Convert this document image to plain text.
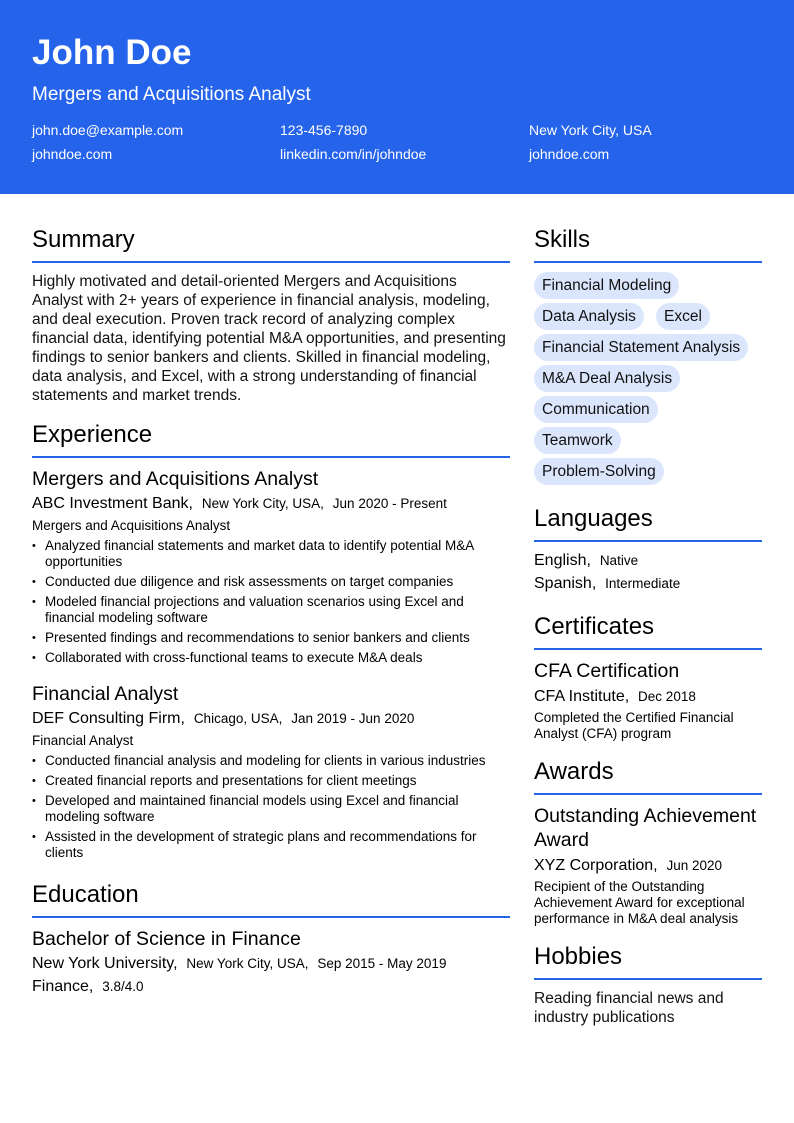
John Doe
Mergers and Acquisitions Analyst
john.doe@example.com	123-456-7890	New York City, USA
johndoe.com	linkedin.com/in/johndoe	johndoe.com
Summary
Highly motivated and detail-oriented Mergers and Acquisitions Analyst with 2+ years of experience in financial analysis, modeling, and deal execution. Proven track record of analyzing complex financial data, identifying potential M&A opportunities, and presenting findings to senior bankers and clients. Skilled in financial modeling, data analysis, and Excel, with a strong understanding of financial statements and market trends.
Experience
Mergers and Acquisitions Analyst
ABC Investment Bank, New York City, USA, Jun 2020 - Present
Mergers and Acquisitions Analyst
• Analyzed financial statements and market data to identify potential M&A opportunities
• Conducted due diligence and risk assessments on target companies
• Modeled financial projections and valuation scenarios using Excel and financial modeling software
• Presented findings and recommendations to senior bankers and clients
• Collaborated with cross-functional teams to execute M&A deals
Financial Analyst
DEF Consulting Firm, Chicago, USA, Jan 2019 - Jun 2020
Financial Analyst
• Conducted financial analysis and modeling for clients in various industries
• Created financial reports and presentations for client meetings
• Developed and maintained financial models using Excel and financial modeling software
• Assisted in the development of strategic plans and recommendations for clients
Education
Bachelor of Science in Finance
New York University, New York City, USA, Sep 2015 - May 2019
Finance, 3.8/4.0
Skills
Financial Modeling
Data Analysis	Excel
Financial Statement Analysis
M&A Deal Analysis
Communication
Teamwork
Problem-Solving
Languages
English, Native
Spanish, Intermediate
Certificates
CFA Certification
CFA Institute, Dec 2018
Completed the Certified Financial Analyst (CFA) program
Awards
Outstanding Achievement Award
XYZ Corporation, Jun 2020
Recipient of the Outstanding Achievement Award for exceptional performance in M&A deal analysis
Hobbies
Reading financial news and industry publications
